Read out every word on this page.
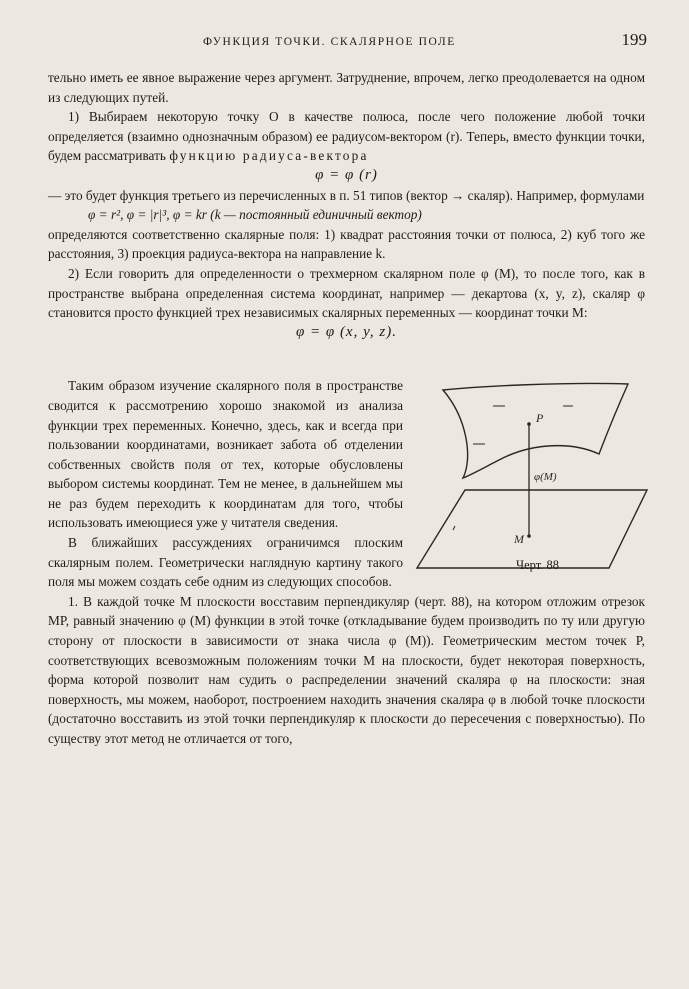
ФУНКЦИЯ ТОЧКИ. СКАЛЯРНОЕ ПОЛЕ	199

тельно иметь ее явное выражение через аргумент. Затруднение, впрочем, легко преодолевается на одном из следующих путей.

1) Выбираем некоторую точку O в качестве полюса, после чего положение любой точки определяется (взаимно однозначным образом) ее радиусом-вектором (r). Теперь, вместо функции точки, будем рассматривать функцию радиуса-вектора

φ = φ (r)

— это будет функция третьего из перечисленных в п. 51 типов (вектор → скаляр). Например, формулами

φ = r², φ = |r|³, φ = kr (k — постоянный единичный вектор)

определяются соответственно скалярные поля: 1) квадрат расстояния точки от полюса, 2) куб того же расстояния, 3) проекция радиуса-вектора на направление k.

2) Если говорить для определенности о трехмерном скалярном поле φ (M), то после того, как в пространстве выбрана определенная система координат, например — декартова (x, y, z), скаляр φ становится просто функцией трех независимых скалярных переменных — координат точки M:

φ = φ (x, y, z).

P
φ(M)
M
Черт. 88

Таким образом изучение скалярного поля в пространстве сводится к рассмотрению хорошо знакомой из анализа функции трех переменных. Конечно, здесь, как и всегда при пользовании координатами, возникает забота об отделении собственных свойств поля от тех, которые обусловлены выбором системы координат. Тем не менее, в дальнейшем мы не раз будем переходить к координатам для того, чтобы использовать имеющиеся уже у читателя сведения.

В ближайших рассуждениях ограничимся плоским скалярным полем. Геометрически наглядную картину такого поля мы можем создать себе одним из следующих способов.

1. В каждой точке M плоскости восставим перпендикуляр (черт. 88), на котором отложим отрезок MP, равный значению φ (M) функции в этой точке (откладывание будем производить по ту или другую сторону от плоскости в зависимости от знака числа φ (M)). Геометрическим местом точек P, соответствующих всевозможным положениям точки M на плоскости, будет некоторая поверхность, форма которой позволит нам судить о распределении значений скаляра φ на плоскости: зная поверхность, мы можем, наоборот, построением находить значения скаляра φ в любой точке плоскости (достаточно восставить из этой точки перпендикуляр к плоскости до пересечения с поверхностью). По существу этот метод не отличается от того,
